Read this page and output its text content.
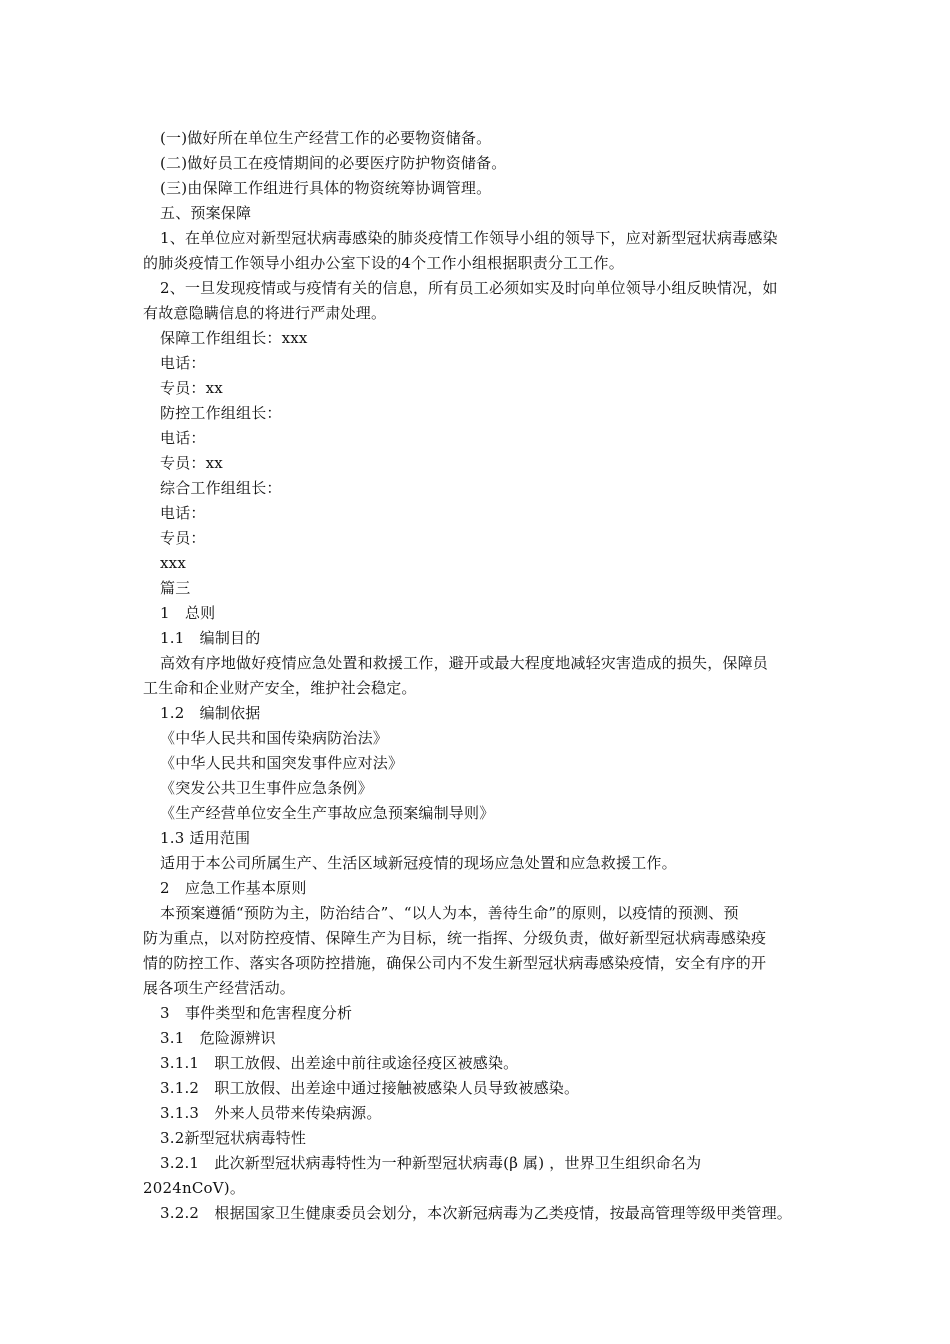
(一)做好所在单位生产经营工作的必要物资储备。
(二)做好员工在疫情期间的必要医疗防护物资储备。
(三)由保障工作组进行具体的物资统筹协调管理。
五、预案保障
1、在单位应对新型冠状病毒感染的肺炎疫情工作领导小组的领导下，应对新型冠状病毒感染
的肺炎疫情工作领导小组办公室下设的4个工作小组根据职责分工工作。
2、一旦发现疫情或与疫情有关的信息，所有员工必须如实及时向单位领导小组反映情况，如
有故意隐瞒信息的将进行严肃处理。
保障工作组组长：xxx
电话：
专员：xx
防控工作组组长：
电话：
专员：xx
综合工作组组长：
电话：
专员：
xxx
篇三
1　总则
1.1　编制目的
高效有序地做好疫情应急处置和救援工作，避开或最大程度地减轻灾害造成的损失，保障员
工生命和企业财产安全，维护社会稳定。
1.2　编制依据
《中华人民共和国传染病防治法》
《中华人民共和国突发事件应对法》
《突发公共卫生事件应急条例》
《生产经营单位安全生产事故应急预案编制导则》
1.3 适用范围
适用于本公司所属生产、生活区域新冠疫情的现场应急处置和应急救援工作。
2　应急工作基本原则
本预案遵循“预防为主，防治结合”、“以人为本，善待生命”的原则，以疫情的预测、预
防为重点，以对防控疫情、保障生产为目标，统一指挥、分级负责，做好新型冠状病毒感染疫
情的防控工作、落实各项防控措施，确保公司内不发生新型冠状病毒感染疫情，安全有序的开
展各项生产经营活动。
3　事件类型和危害程度分析
3.1　危险源辨识
3.1.1　职工放假、出差途中前往或途径疫区被感染。
3.1.2　职工放假、出差途中通过接触被感染人员导致被感染。
3.1.3　外来人员带来传染病源。
3.2新型冠状病毒特性
3.2.1　此次新型冠状病毒特性为一种新型冠状病毒(β 属) ，世界卫生组织命名为
2024nCoV)。
3.2.2　根据国家卫生健康委员会划分，本次新冠病毒为乙类疫情，按最高管理等级甲类管理。
